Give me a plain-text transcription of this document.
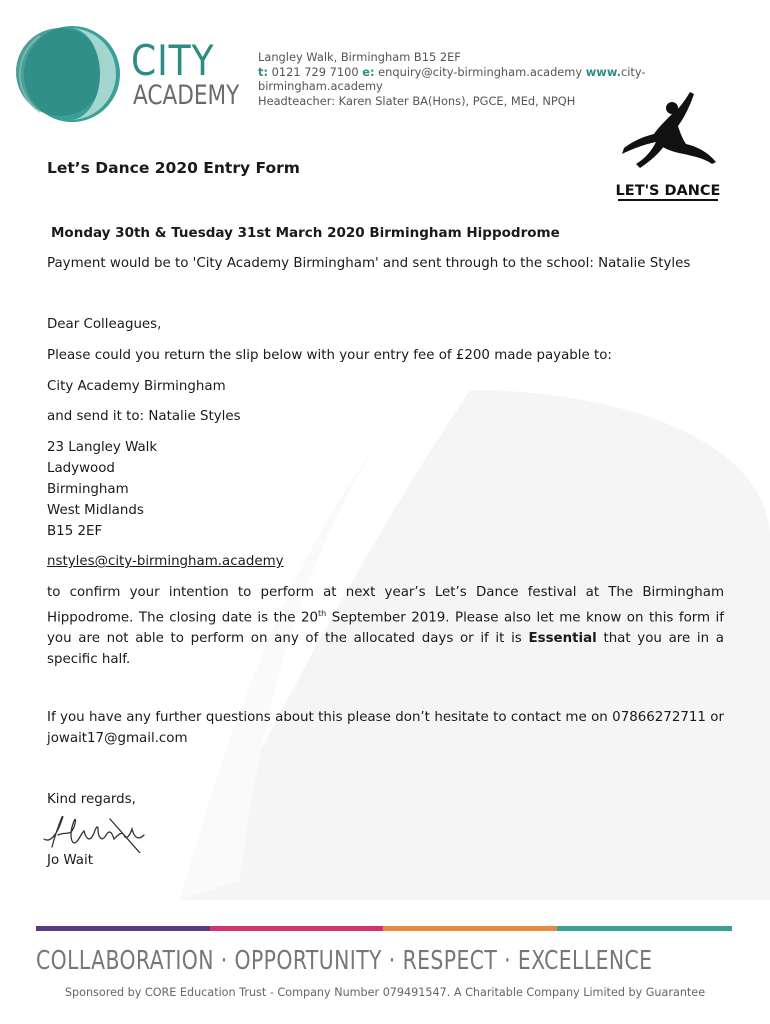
CITY
ACADEMY
Langley Walk, Birmingham B15 2EF
t: 0121 729 7100 e: enquiry@city-birmingham.academy www.city-birmingham.academy
Headteacher: Karen Slater BA(Hons), PGCE, MEd, NPQH
LET'S DANCE
Let’s Dance 2020 Entry Form
Monday 30th & Tuesday 31st March 2020 Birmingham Hippodrome
Payment would be to 'City Academy Birmingham' and sent through to the school: Natalie Styles
Dear Colleagues,
Please could you return the slip below with your entry fee of £200 made payable to:
City Academy Birmingham
and send it to: Natalie Styles
23 Langley Walk
Ladywood
Birmingham
West Midlands
B15 2EF
nstyles@city-birmingham.academy
to confirm your intention to perform at next year’s Let’s Dance festival at The Birmingham Hippodrome. The closing date is the 20th September 2019. Please also let me know on this form if you are not able to perform on any of the allocated days or if it is Essential that you are in a specific half.
If you have any further questions about this please don’t hesitate to contact me on 07866272711 or jowait17@gmail.com
Kind regards,
Jo Wait
COLLABORATION · OPPORTUNITY · RESPECT · EXCELLENCE
Sponsored by CORE Education Trust - Company Number 079491547. A Charitable Company Limited by Guarantee
